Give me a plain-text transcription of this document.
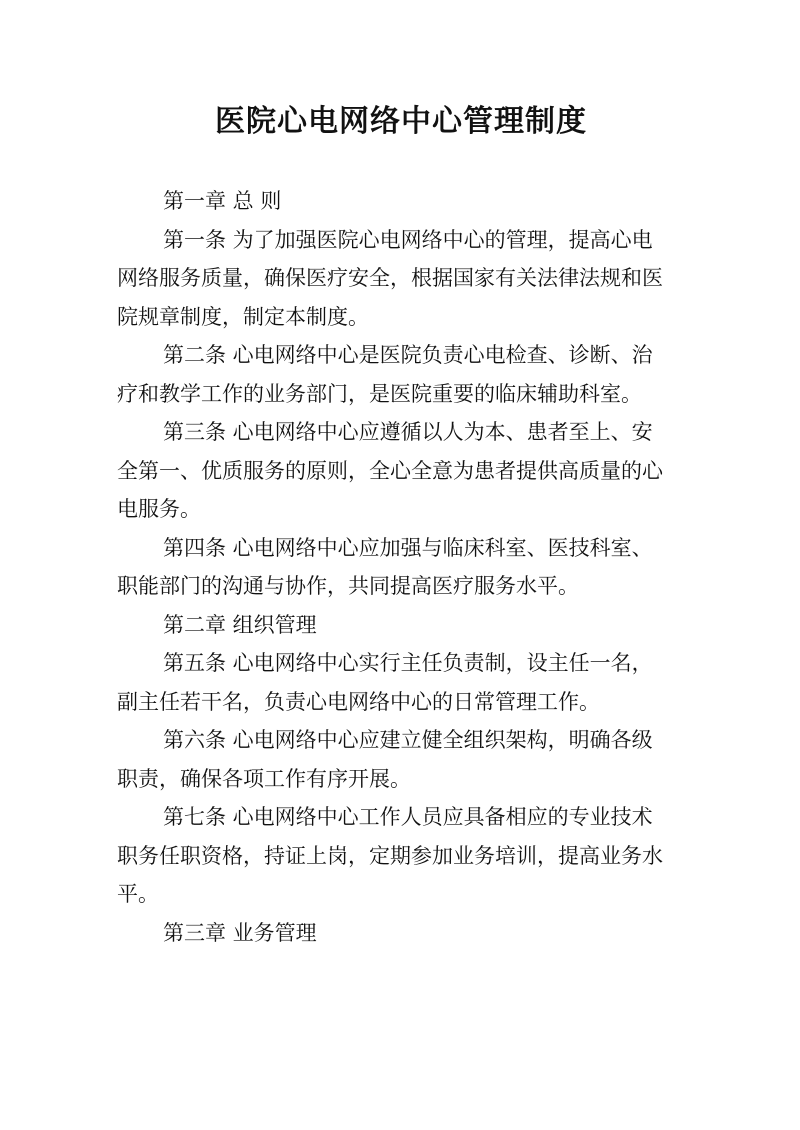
医院心电网络中心管理制度
第一章 总 则
第一条 为了加强医院心电网络中心的管理，提高心电
网络服务质量，确保医疗安全，根据国家有关法律法规和医
院规章制度，制定本制度。
第二条 心电网络中心是医院负责心电检查、诊断、治
疗和教学工作的业务部门，是医院重要的临床辅助科室。
第三条 心电网络中心应遵循以人为本、患者至上、安
全第一、优质服务的原则，全心全意为患者提供高质量的心
电服务。
第四条 心电网络中心应加强与临床科室、医技科室、
职能部门的沟通与协作，共同提高医疗服务水平。
第二章 组织管理
第五条 心电网络中心实行主任负责制，设主任一名，
副主任若干名，负责心电网络中心的日常管理工作。
第六条 心电网络中心应建立健全组织架构，明确各级
职责，确保各项工作有序开展。
第七条 心电网络中心工作人员应具备相应的专业技术
职务任职资格，持证上岗，定期参加业务培训，提高业务水
平。
第三章 业务管理
